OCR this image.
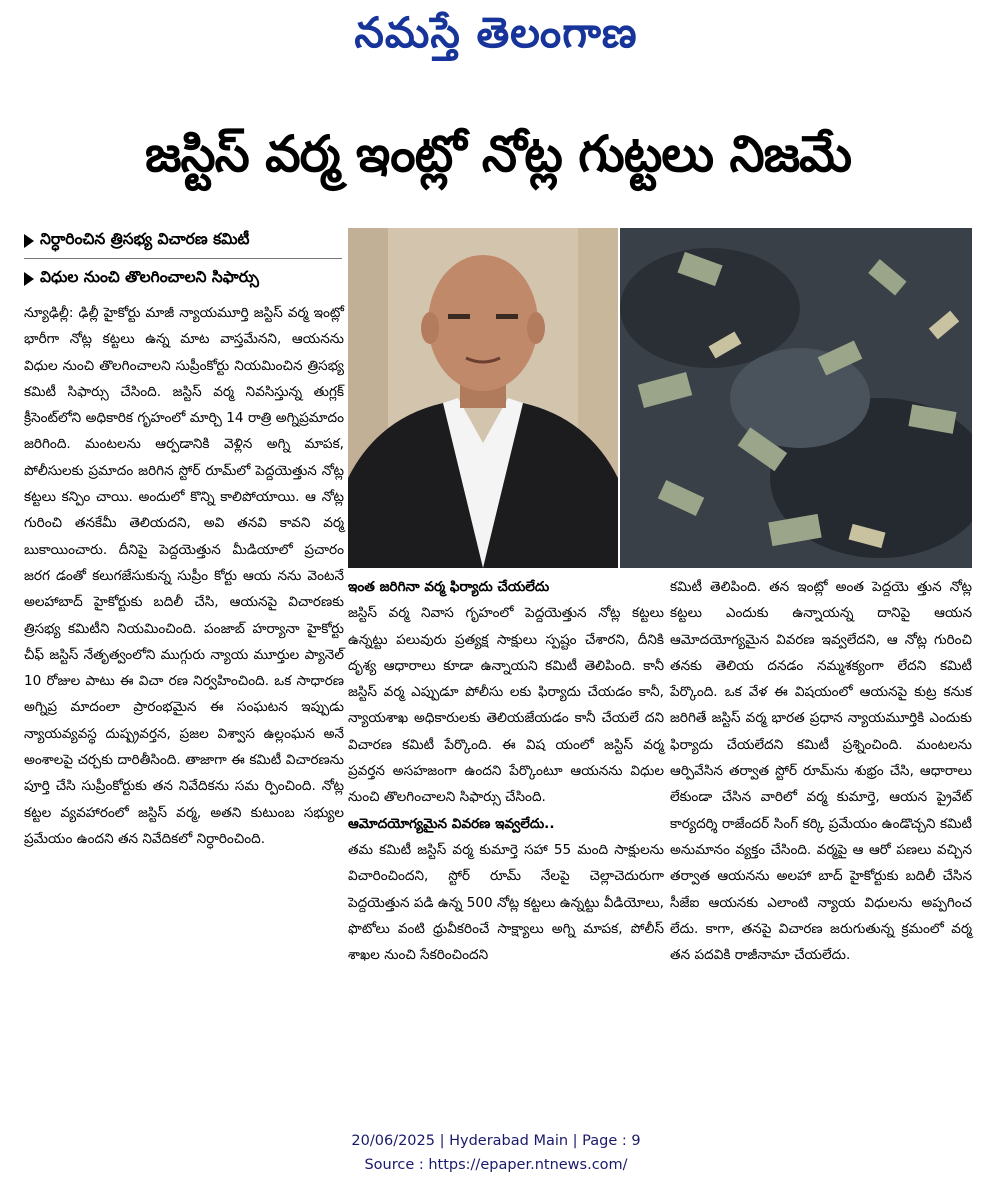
నమస్తే తెలంగాణ
జస్టిస్ వర్మ ఇంట్లో నోట్ల గుట్టలు నిజమే
నిర్ధారించిన త్రిసభ్య విచారణ కమిటీ
విధుల నుంచి తొలగించాలని సిఫార్సు

న్యూఢిల్లీ: ఢిల్లీ హైకోర్టు మాజీ న్యాయమూర్తి జస్టిస్ వర్మ ఇంట్లో భారీగా నోట్ల కట్టలు ఉన్న మాట వాస్తమేనని, ఆయనను విధుల నుంచి తొలగించాలని సుప్రీంకోర్టు నియమించిన త్రిసభ్య కమిటీ సిఫార్సు చేసింది. జస్టిస్ వర్మ నివసిస్తున్న తుగ్లక్ క్రీసెంట్‌లోని అధికారిక గృహంలో మార్చి 14 రాత్రి అగ్నిప్రమాదం జరిగింది. మంటలను ఆర్పడానికి వెళ్లిన అగ్ని మాపక, పోలీసులకు ప్రమాదం జరిగిన స్టోర్ రూమ్‌లో పెద్దయెత్తున నోట్ల కట్టలు కన్పిం చాయి. అందులో కొన్ని కాలిపోయాయి. ఆ నోట్ల గురించి తనకేమీ తెలియదని, అవి తనవి కావని వర్మ బుకాయించారు. దీనిపై పెద్దయెత్తున మీడియాలో ప్రచారం జరగ డంతో కలుగజేసుకున్న సుప్రీం కోర్టు ఆయ నను వెంటనే అలహాబాద్ హైకోర్టుకు బదిలీ చేసి, ఆయనపై విచారణకు త్రిసభ్య కమిటీని నియమించింది. పంజాబ్ హర్యానా హైకోర్టు చీఫ్ జస్టిస్ నేతృత్వంలోని ముగ్గురు న్యాయ మూర్తుల ప్యానెల్ 10 రోజుల పాటు ఈ విచా రణ నిర్వహించింది. ఒక సాధారణ అగ్నిప్ర మాదంలా ప్రారంభమైన ఈ సంఘటన ఇప్పుడు న్యాయవ్యవస్థ దుష్ప్రవర్తన, ప్రజల విశ్వాస ఉల్లంఘన అనే అంశాలపై చర్చకు దారితీసింది. తాజాగా ఈ కమిటీ విచారణను పూర్తి చేసి సుప్రీంకోర్టుకు తన నివేదికను సమ ర్పించింది. నోట్ల కట్టల వ్యవహారంలో జస్టిస్ వర్మ, అతని కుటుంబ సభ్యుల ప్రమేయం ఉందని తన నివేదికలో నిర్ధారించింది.

ఇంత జరిగినా వర్మ ఫిర్యాదు చేయలేదు

జస్టిస్ వర్మ నివాస గృహంలో పెద్దయెత్తున నోట్ల కట్టలు ఉన్నట్టు పలువురు ప్రత్యక్ష సాక్షులు స్పష్టం చేశారని, దీనికి దృశ్య ఆధారాలు కూడా ఉన్నాయని కమిటీ తెలిపింది. కానీ జస్టిస్ వర్మ ఎప్పుడూ పోలీసు లకు ఫిర్యాదు చేయడం కానీ, న్యాయశాఖ అధికారులకు తెలియజేయడం కానీ చేయలే దని విచారణ కమిటీ పేర్కొంది. ఈ విష యంలో జస్టిస్ వర్మ ప్రవర్తన అసహజంగా ఉందని పేర్కొంటూ ఆయనను విధుల నుంచి తొలగించాలని సిఫార్సు చేసింది.

ఆమోదయోగ్యమైన వివరణ ఇవ్వలేదు..

తమ కమిటీ జస్టిస్ వర్మ కుమార్తె సహా 55 మంది సాక్షులను విచారించిందని, స్టోర్ రూమ్ నేలపై చెల్లాచెదురుగా పెద్దయెత్తున పడి ఉన్న 500 నోట్ల కట్టలు ఉన్నట్టు వీడియోలు, ఫొటోలు వంటి ధ్రువీకరించే సాక్ష్యాలు అగ్ని మాపక, పోలీస్ శాఖల నుంచి సేకరించిందని

కమిటీ తెలిపింది. తన ఇంట్లో అంత పెద్దయె త్తున నోట్ల కట్టలు ఎందుకు ఉన్నాయన్న దానిపై ఆయన ఆమోదయోగ్యమైన వివరణ ఇవ్వలేదని, ఆ నోట్ల గురించి తనకు తెలియ దనడం నమ్మశక్యంగా లేదని కమిటీ పేర్కొంది. ఒక వేళ ఈ విషయంలో ఆయనపై కుట్ర కనుక జరిగితే జస్టిస్ వర్మ భారత ప్రధాన న్యాయమూర్తికి ఎందుకు ఫిర్యాదు చేయలేదని కమిటీ ప్రశ్నించింది. మంటలను ఆర్పివేసిన తర్వాత స్టోర్ రూమ్‌ను శుభ్రం చేసి, ఆధారాలు లేకుండా చేసిన వారిలో వర్మ కుమార్తె, ఆయన ప్రైవేట్ కార్యదర్శి రాజేందర్ సింగ్ కర్కి ప్రమేయం ఉండొచ్చని కమిటీ అనుమానం వ్యక్తం చేసింది. వర్మపై ఆ ఆరో పణలు వచ్చిన తర్వాత ఆయనను అలహా బాద్ హైకోర్టుకు బదిలీ చేసిన సీజేఐ ఆయనకు ఎలాంటి న్యాయ విధులను అప్పగించ లేదు. కాగా, తనపై విచారణ జరుగుతున్న క్రమంలో వర్మ తన పదవికి రాజీనామా చేయలేదు.

20/06/2025 | Hyderabad Main | Page : 9
Source : https://epaper.ntnews.com/
